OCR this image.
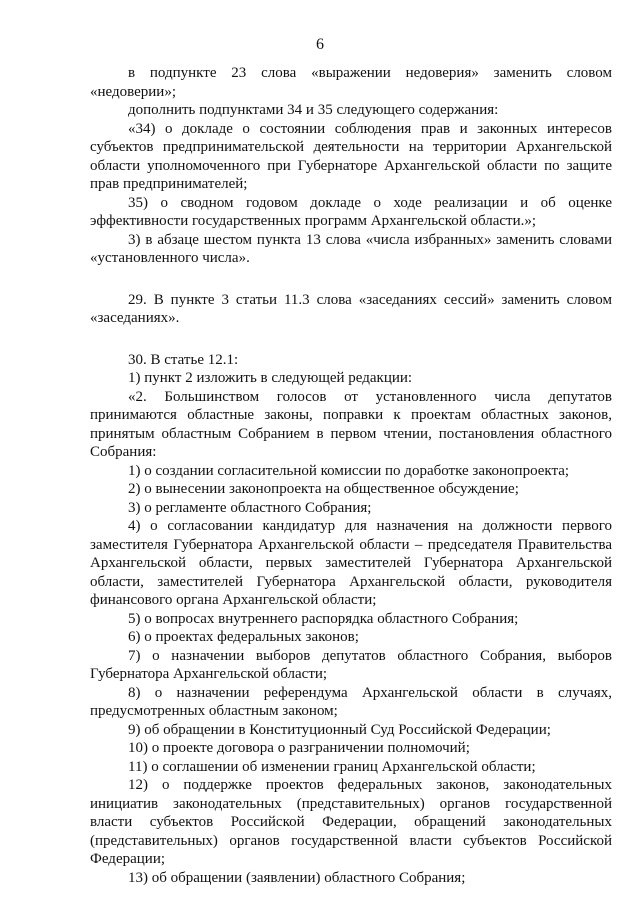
6

в подпункте 23 слова «выражении недоверия» заменить словом «недоверии»;

дополнить подпунктами 34 и 35 следующего содержания:

«34) о докладе о состоянии соблюдения прав и законных интересов субъектов предпринимательской деятельности на территории Архангельской области уполномоченного при Губернаторе Архангельской области по защите прав предпринимателей;

35) о сводном годовом докладе о ходе реализации и об оценке эффективности государственных программ Архангельской области.»;

3) в абзаце шестом пункта 13 слова «числа избранных» заменить словами «установленного числа».

29. В пункте 3 статьи 11.3 слова «заседаниях сессий» заменить словом «заседаниях».

30. В статье 12.1:

1) пункт 2 изложить в следующей редакции:

«2. Большинством голосов от установленного числа депутатов принимаются областные законы, поправки к проектам областных законов, принятым областным Собранием в первом чтении, постановления областного Собрания:

1) о создании согласительной комиссии по доработке законопроекта;

2) о вынесении законопроекта на общественное обсуждение;

3) о регламенте областного Собрания;

4) о согласовании кандидатур для назначения на должности первого заместителя Губернатора Архангельской области – председателя Правительства Архангельской области, первых заместителей Губернатора Архангельской области, заместителей Губернатора Архангельской области, руководителя финансового органа Архангельской области;

5) о вопросах внутреннего распорядка областного Собрания;

6) о проектах федеральных законов;

7) о назначении выборов депутатов областного Собрания, выборов Губернатора Архангельской области;

8) о назначении референдума Архангельской области в случаях, предусмотренных областным законом;

9) об обращении в Конституционный Суд Российской Федерации;

10) о проекте договора о разграничении полномочий;

11) о соглашении об изменении границ Архангельской области;

12) о поддержке проектов федеральных законов, законодательных инициатив законодательных (представительных) органов государственной власти субъектов Российской Федерации, обращений законодательных (представительных) органов государственной власти субъектов Российской Федерации;

13) об обращении (заявлении) областного Собрания;
